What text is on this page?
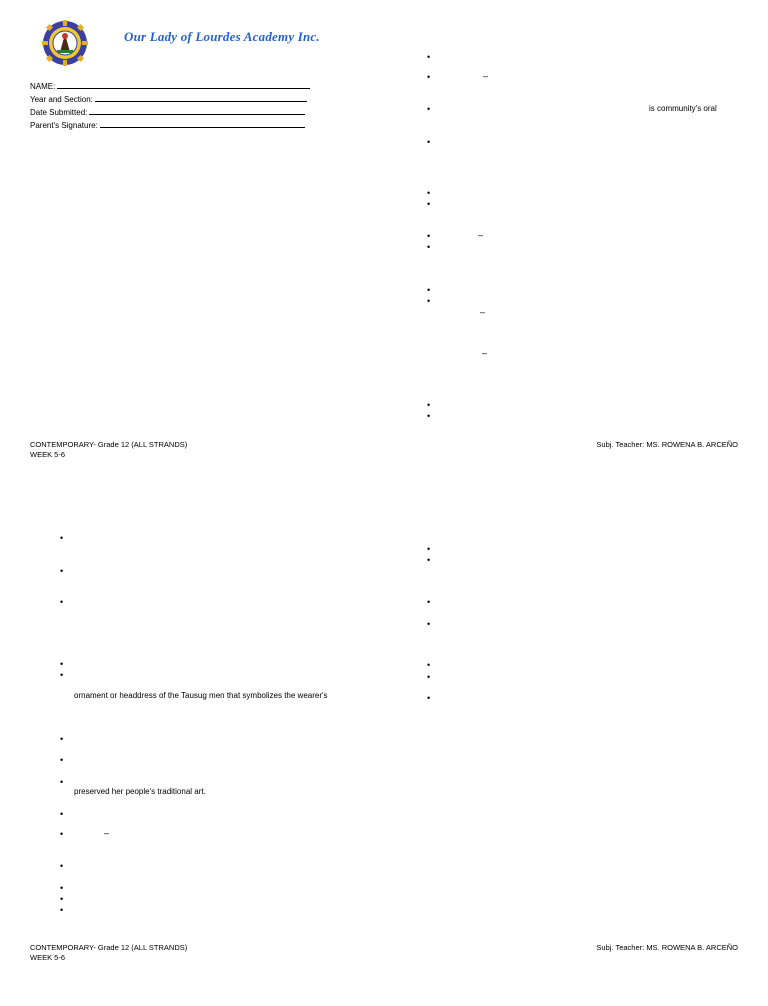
Our Lady of Lourdes Academy Inc.
NAME:
Year and Section:
Date Submitted:
Parent's Signature:
•
•	–
•	is community's oral
•
•
•
•	–
•
•
•
–
–
•
•
CONTEMPORARY- Grade 12 (ALL STRANDS)
WEEK 5-6
Subj. Teacher: MS. ROWENA B. ARCEÑO
•
•
•
•
•
ornament or headdress of the Tausug men that symbolizes the wearer's
•
•
•
preserved her people's traditional art.
•
•	–
•
•
•
•
•
•
•
•
•
•
•
CONTEMPORARY- Grade 12 (ALL STRANDS)
WEEK 5-6
Subj. Teacher: MS. ROWENA B. ARCEÑO
